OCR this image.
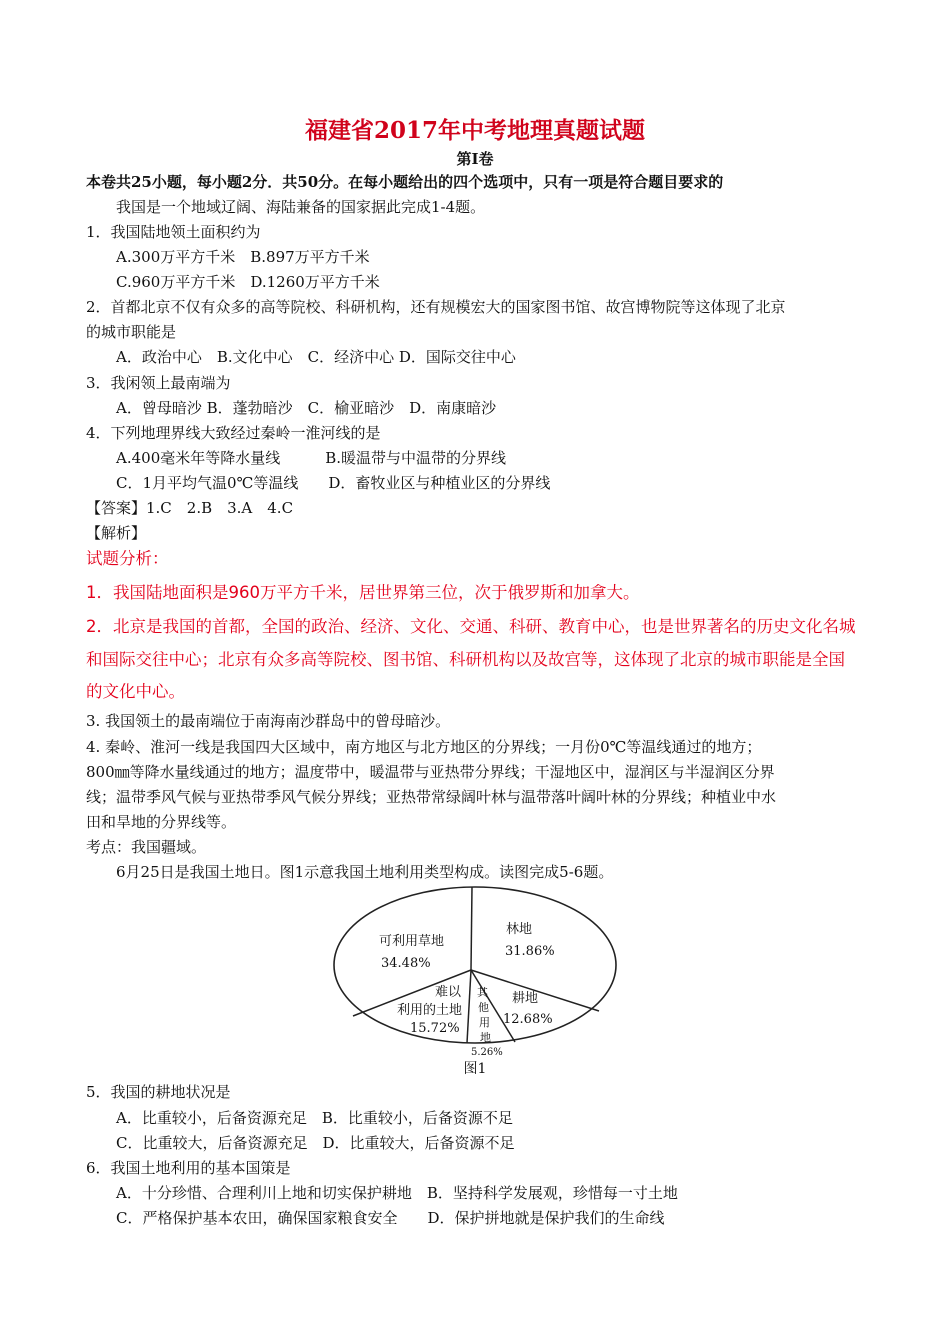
福建省2017年中考地理真题试题
第Ⅰ卷
本卷共25小题，每小题2分．共50分。在每小题给出的四个选项中，只有一项是符合题目要求的
我国是一个地域辽阔、海陆兼备的国家据此完成1-4题。
1．我国陆地领土面积约为
A.300万平方千米　B.897万平方千米
C.960万平方千米　D.1260万平方千米
2．首都北京不仅有众多的高等院校、科研机构，还有规模宏大的国家图书馆、故宫博物院等这体现了北京
的城市职能是
A．政治中心　B.文化中心　C．经济中心 D．国际交往中心
3．我闲领上最南端为
A．曾母暗沙 B．蓬勃暗沙　C．榆亚暗沙　D．南康暗沙
4．下列地理界线大致经过秦岭一淮河线的是
A.400毫米年等降水量线　　　B.暖温带与中温带的分界线
C．1月平均气温0℃等温线　　D．畜牧业区与种植业区的分界线
【答案】1.C　2.B　3.A　4.C
【解析】
试题分析：
1．我国陆地面积是960万平方千米，居世界第三位，次于俄罗斯和加拿大。
2．北京是我国的首都，全国的政治、经济、文化、交通、科研、教育中心，也是世界著名的历史文化名城
和国际交往中心；北京有众多高等院校、图书馆、科研机构以及故宫等，这体现了北京的城市职能是全国
的文化中心。
3. 我国领土的最南端位于南海南沙群岛中的曾母暗沙。
4. 秦岭、淮河一线是我国四大区域中，南方地区与北方地区的分界线；一月份0℃等温线通过的地方；
800㎜等降水量线通过的地方；温度带中，暖温带与亚热带分界线；干湿地区中，湿润区与半湿润区分界
线；温带季风气候与亚热带季风气候分界线；亚热带常绿阔叶林与温带落叶阔叶林的分界线；种植业中水
田和旱地的分界线等。
考点：我国疆域。
6月25日是我国土地日。图1示意我国土地利用类型构成。读图完成5-6题。
可利用草地
34.48%
林地
31.86%
耕地
12.68%
难以
利用的土地
15.72%
其
他
用
地
5.26%
图1
5．我国的耕地状况是
A．比重较小，后备资源充足　B．比重较小，后备资源不足
C．比重较大，后备资源充足　D．比重较大，后备资源不足
6．我国土地利用的基本国策是
A．十分珍惜、合理利川上地和切实保护耕地　B．坚持科学发展观，珍惜每一寸土地
C．严格保护基本农田，确保国家粮食安全　　D．保护拼地就是保护我们的生命线
